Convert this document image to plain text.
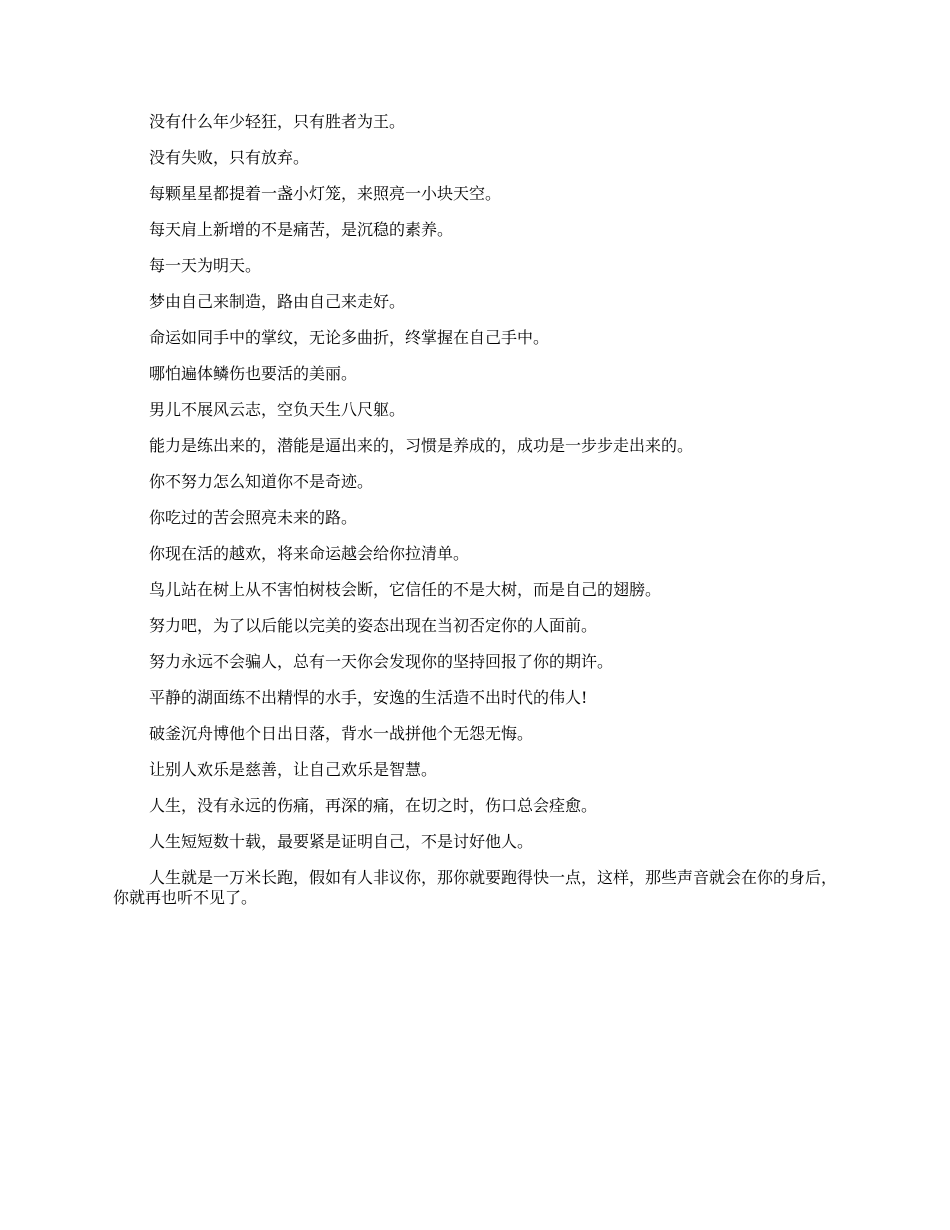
没有什么年少轻狂，只有胜者为王。

没有失败，只有放弃。

每颗星星都提着一盏小灯笼，来照亮一小块天空。

每天肩上新增的不是痛苦，是沉稳的素养。

每一天为明天。

梦由自己来制造，路由自己来走好。

命运如同手中的掌纹，无论多曲折，终掌握在自己手中。

哪怕遍体鳞伤也要活的美丽。

男儿不展风云志，空负天生八尺躯。

能力是练出来的，潜能是逼出来的，习惯是养成的，成功是一步步走出来的。

你不努力怎么知道你不是奇迹。

你吃过的苦会照亮未来的路。

你现在活的越欢，将来命运越会给你拉清单。

鸟儿站在树上从不害怕树枝会断，它信任的不是大树，而是自己的翅膀。

努力吧，为了以后能以完美的姿态出现在当初否定你的人面前。

努力永远不会骗人，总有一天你会发现你的坚持回报了你的期许。

平静的湖面练不出精悍的水手，安逸的生活造不出时代的伟人!

破釜沉舟博他个日出日落，背水一战拼他个无怨无悔。

让别人欢乐是慈善，让自己欢乐是智慧。

人生，没有永远的伤痛，再深的痛，在切之时，伤口总会痊愈。

人生短短数十载，最要紧是证明自己，不是讨好他人。

人生就是一万米长跑，假如有人非议你，那你就要跑得快一点，这样，那些声音就会在你的身后，你就再也听不见了。
